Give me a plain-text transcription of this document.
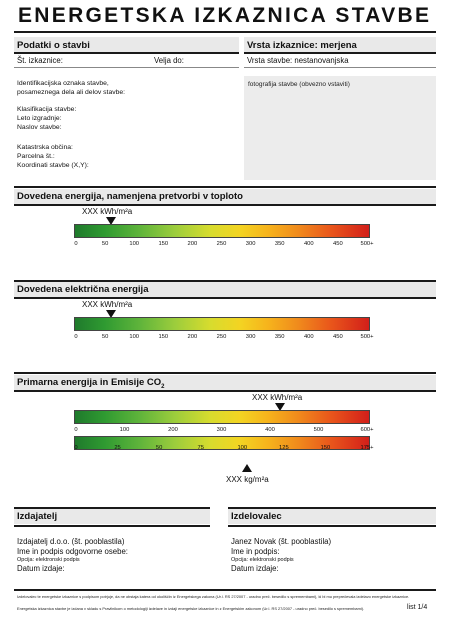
ENERGETSKA IZKAZNICA STAVBE
Podatki o stavbi	Vrsta izkaznice: merjena
Št. izkaznice:	Velja do:	Vrsta stavbe: nestanovanjska
Identifikacijska oznaka stavbe,
posameznega dela ali delov stavbe:
Klasifikacija stavbe:
Leto izgradnje:
Naslov stavbe:
Katastrska občina:
Parcelna št.:
Koordinati stavbe (X,Y):
fotografija stavbe (obvezno vstaviti)
Dovedena energija, namenjena pretvorbi v toploto
XXX kWh/m²a
0	50	100	150	200	250	300	350	400	450	500+
Dovedena električna energija
XXX kWh/m²a
0	50	100	150	200	250	300	350	400	450	500+
Primarna energija in Emisije $CO_2$
XXX kWh/m²a
0	100	200	300	400	500	600+
0	25	50	75	100	125	150	175+
XXX kg/m²a
Izdajatelj	Izdelovalec
Izdajatelj d.o.o. (št. pooblastila)
Ime in podpis odgovorne osebe:
Opcija: elektronski podpis
Datum izdaje:
Janez Novak (št. pooblastila)
Ime in podpis:
Opcija: elektronski podpis
Datum izdaje:
Izdelovalec te energetske izkaznice s podpisom potrjuje, da ne obstaja katera od okoliščin iz Energetskega zakona (Ur.l. RS 27/2007 - uradno preč. besedilo s spremembami), ki bi mu preprečevala izdelavo energetske izkaznice.
Energetska izkaznica stavbe je izdana v skladu s Pravilnikom o metodologiji izdelave in izdaji energetske izkaznice in z Energetskim zakonom (Ur.l. RS 27/2007 - uradno preč. besedilo s spremembami).	list 1/4
